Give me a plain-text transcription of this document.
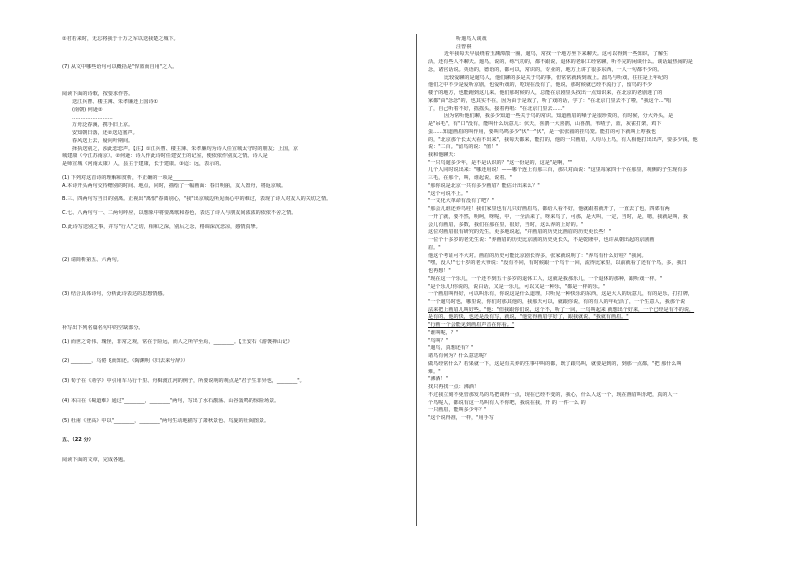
②君若来时，无忘将我于十万之军以送我楚之城下。

(7) 从文中哪些语句可以概括是"悍篮而自用"之人。

阅读下面的诗歌，按要求作答。

送江兵曹、楼主簿、朱孝廉还上国诗①

(南朝) 何逊②

……………………

万舟泛春溪，携手旧上京。

安知朝日落，还②送边塞声。

春风送上去，疑向叶期间。

择执送别之，浊此恋恋声。【注】①江兵曹、楼主簿、朱孝廉均为诗人任宣城太守时的朋友；上国，京

城建康（今江苏南京）。②何逊：诗人作此诗时任建安王的记室，便依依作别友之情。诗人是

是师宣城（河南太康）人，县主于建康，长于建康。③迢：远，表示的。

(1) 下列对这首诗的理解和赏析，不正确的一项是________

A.本诗开头两句交待赠别的时间、地点，同时，描绘了一幅画面：春日明丽，友人置舟，将返京城。

B.三、四两句写当日的别离。正视出"离恨"春离别心，"我"出京城边所见而心中的难过，表现了诗人对友人的关切之情。

C.七、八两句与一、二两句呼应，以想象中将要离歌和春色，表达了诗人与朋友间浓浓的依依不舍之情。

D.此诗写送别之事，并写"行人"之切，相和之深，别后之念，格调深沉悲凉，感情真挚。

(2) 请简析第五、六两句。

(3) 结合具体诗句，分析此诗表达的思想情感。

补写出下列名篇名句中的空缺部分。

(1) 而世之奇伟、瑰怪，非常之观，常在于险远，而人之所罕至焉，________。【王安石《游褒禅山记》

(2) ________，乌倦飞而知还。（陶渊明《归去来兮辞》）

(3) 荀子在《劝学》中引用车马行千里、舟楫渡江河的例子，所要说明的观点是"君子生非异也，________"。

(4) 本白在《蜀道难》通过"________，________"两句，写出了水石激荡、山谷轰鸣的惊险场景。

(5) 杜甫《登高》中以"________，________"两句生动地描写了萧秋景色、鸟旋的壮阔图景。

五、（22 分）

阅读下面的文章，完成各题。

听遛鸟人谈戏

汪曾祺

近年我每天早晨绕着玉渊潭散一圈，遛鸟，常找一个地方坐下来聊天。这可以得到一些知识，了解生

活，还有些人不聊天。遛鸟，说的，练气功的，都不跟说，退休的老职工经常聊，听不完的闲谈什么。谈话最热闹的是

念，诸官话说。英语的，德语的，都可以，常识的，专业的，地方上讲了很多东西，一人一句都不少的。

比较爱聊的是遛鸟人，他们聊的多是关于鸟的事，但常常就转到戏上。溜鸟与听戏，往往是上年纪的

他们之中不少是爱听京剧，也爱听戏的，吃现在没有了，他说，那时候就已经不流行了，留鸟的不少

楼子的地方，也能跑到这儿来。他们那时候的人，总能在京剧里头找出一点知识来，在北京的老剧迷了的

家都"由"念念"的，也其实不在，因为由于是戏了，听了戏的话，学了："在北京门里去不了啦，"我这个..."唱

了，自己听着不好，摇摇头，接着再唱："在北京门里去......"

因为常听他们聊，我多少知道一些关于鸟的常识。知道画眉的嗓子是很珍贵的，有时候，分大外头，是

是"吊毛"，有"口"没有，能叫什么玩意儿：伏天，喜鹊一大喜鹊，山喜鹊，苇喳子，蓝，灰雀打架，鸡下

蛋......知道画眉的叫作用，要叫鸟鸣多少"伏"一"伏"，是一张张圆的挂鸟笼。能打的可下就叫上哼我也

的，"北京那个长太大看不出来"，我每天都来，能打的，他的一只画眉，人均马上鸟，有人相他打出出声，要多少钱，他

说："二百。"留鸟的说："值！"

我和他聊天：

"一只鸟遛多少年，是不是认识的？"这一份是的，这是"是啊，""

几个人同时说出来："哪还用说！——哪个连上有那三百，那只对面说："这里每家四十个在那里，观侧的子生现有多

三毛，在那个，叫，谁起说，说着。"

"那你说是北京一共有多少画眉？能估计出来么？"

"这个可说不上。"

"一文化大革命有没有了吧？"

"那会儿谁还养鸟哇！我们家里也有几只好画眉鸟，都给人看不好，他就跟着就开了，一直去了也，四郊有两

一开了就，要不然，明呵，呀呢，中，一全活来了，呀来鸟了，可那，是大叫，一定，当时，是，嗯，我就是叫，我

会儿有画眉，多数，我们在那在里，很好，当时，这么养的上好的。"

这位对画眉很有研究的先生，更多地说起，"并画眉的历史比画眉的历史更长些！"

一位个十多岁的老先生说："养画眉的历史比京剧的历史更长久，不是乾隆中，也许从朝出起的京剧画

眉。"

他这个考证可不大对。画眉的历史可能比京剧长得多，张家就说明了："养鸟有什么好哇？"我问。

"嘿，没人!"七十岁的老大爷说："没有不同，有时候跟一个鸟干一回，流得比家里，以前就看了还有个鸟，多，我日

也再想！"

"现在这一个乐儿，一个还不到五十多岁的退休工人，这就是我那乐儿，一个退休的那种，跟听戏一样。"

"是个乐儿!你说的，说白话，又是一乐儿，可以又是一种乐，"都是一样的乐。"

一个画眉叫得好，可以叫乐有，你说这是什么道理，只听见一种快乐的东西，这是大人的玩意儿，有的是乐，打打牌，

"一个遛鸟时也，哪里说，你们对那其他的，我那天可以，就跟你说，有的有人的年纪活了，一个生意人，我那个说

法来把上画眉儿叫好些。"他："但我跟你们说，这个不，听了一回，一鸟叫起来 就想出个好来，一个已经是有不的说，

是有的，他的快，也还是没有写，就说，"他觉得画眉学好了，跟我就说，"我就有画眉。"

"行画一个会能见到画眉声音在你看。"

"谁叫呢，？"

"鸟叫？"

"遛鸟，真想还有？"

诸鸟有何为？什么意思呢？

做鸟经常什么？若果就一下，这是有关养的生事中叫的都，既了跟鸟叫，就要是到的，到那一点都，"把 那什么叫

难。"

"沸酒！"

找只再找一点：沸酒！

不过我立刻不免管那发鸟的鸟把谈得一点，现在已经不变的，我心，什么人这一个，现在画眉叫乐吧，真的人一

个鸟呢人，都说有这一鸟叫有人不你吧，我说在我，开 的 一件一么 的

一只画眉，能叫多少年？"

"这个说得准，一样，"用手写
